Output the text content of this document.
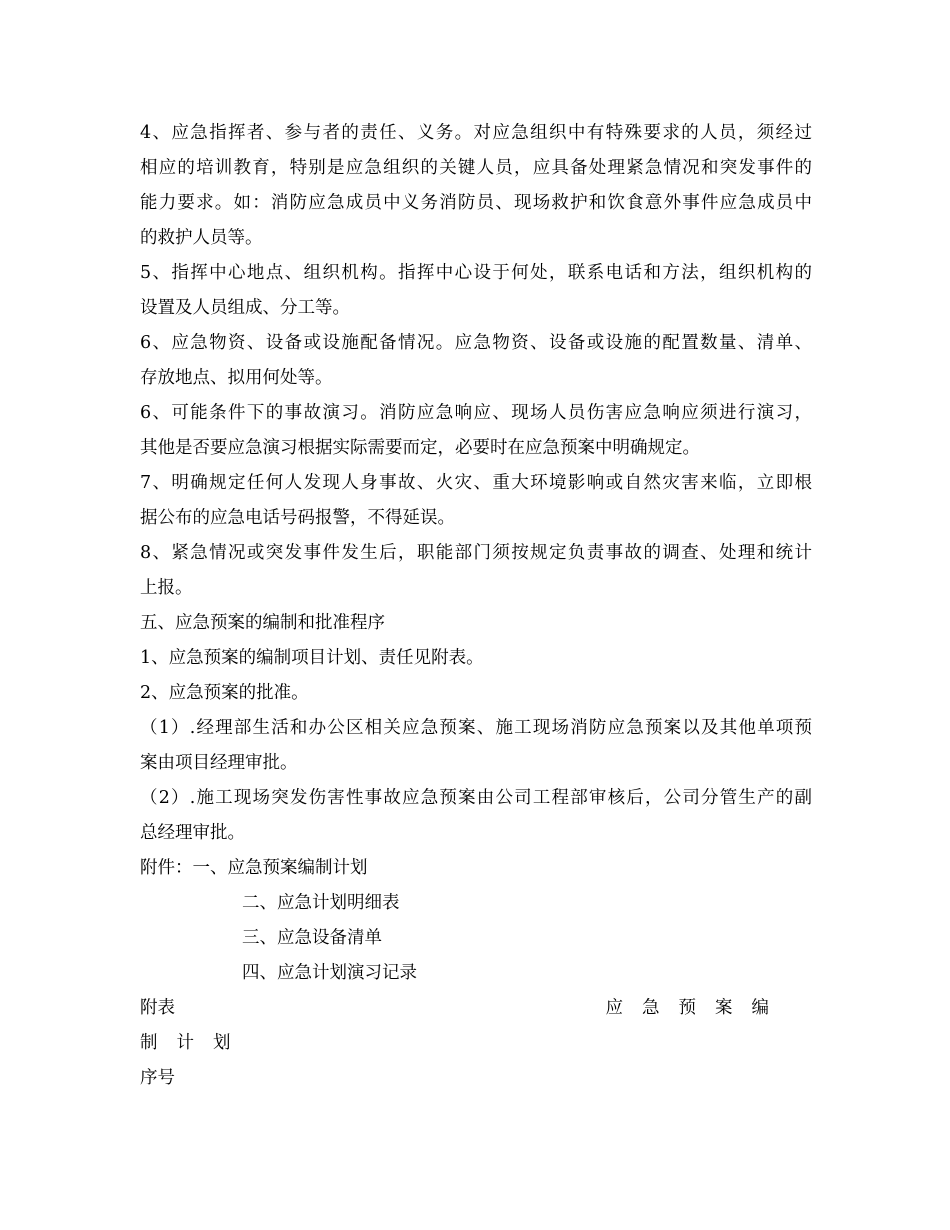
4、应急指挥者、参与者的责任、义务。对应急组织中有特殊要求的人员，须经过
相应的培训教育，特别是应急组织的关键人员，应具备处理紧急情况和突发事件的
能力要求。如：消防应急成员中义务消防员、现场救护和饮食意外事件应急成员中
的救护人员等。

5、指挥中心地点、组织机构。指挥中心设于何处，联系电话和方法，组织机构的
设置及人员组成、分工等。

6、应急物资、设备或设施配备情况。应急物资、设备或设施的配置数量、清单、
存放地点、拟用何处等。

6、可能条件下的事故演习。消防应急响应、现场人员伤害应急响应须进行演习，
其他是否要应急演习根据实际需要而定，必要时在应急预案中明确规定。

7、明确规定任何人发现人身事故、火灾、重大环境影响或自然灾害来临，立即根
据公布的应急电话号码报警，不得延误。

8、紧急情况或突发事件发生后，职能部门须按规定负责事故的调查、处理和统计
上报。

五、应急预案的编制和批准程序

1、应急预案的编制项目计划、责任见附表。

2、应急预案的批准。

（1）.经理部生活和办公区相关应急预案、施工现场消防应急预案以及其他单项预
案由项目经理审批。

（2）.施工现场突发伤害性事故应急预案由公司工程部审核后，公司分管生产的副
总经理审批。

附件：一、应急预案编制计划
二、应急计划明细表
三、应急设备清单
四、应急计划演习记录
附表	应急预案编
制计划
序号
